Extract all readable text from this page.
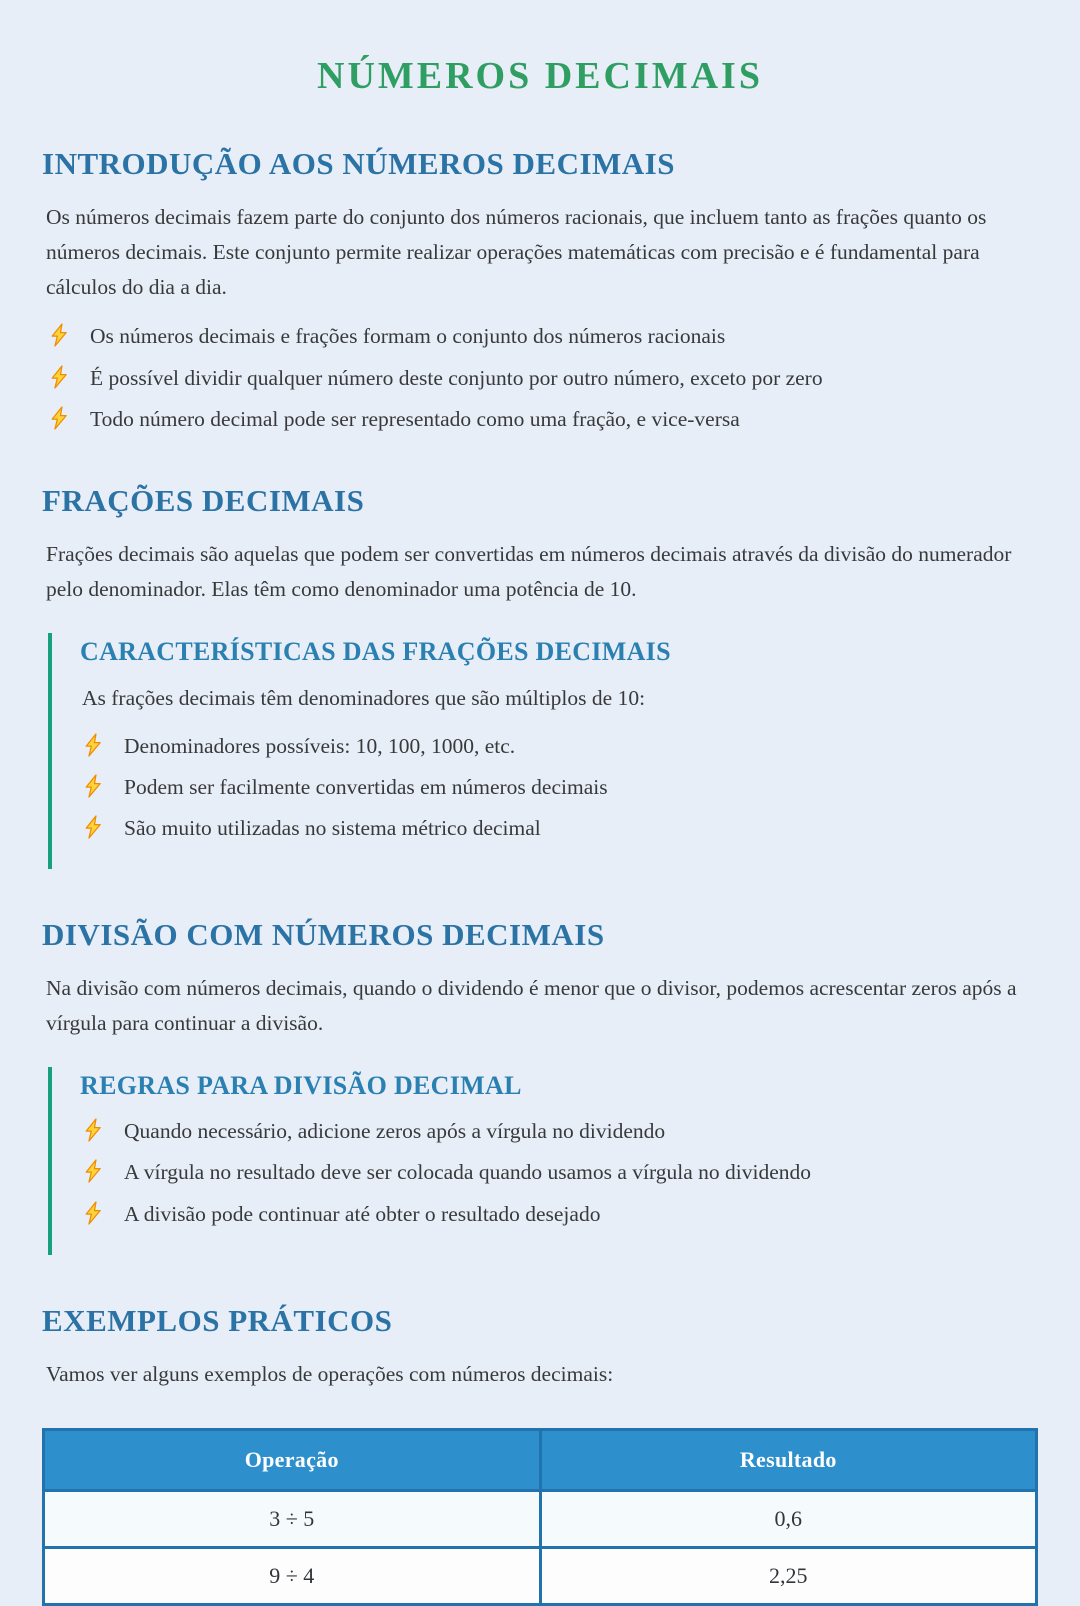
NÚMEROS DECIMAIS
INTRODUÇÃO AOS NÚMEROS DECIMAIS

Os números decimais fazem parte do conjunto dos números racionais, que incluem tanto as frações quanto os números decimais. Este conjunto permite realizar operações matemáticas com precisão e é fundamental para cálculos do dia a dia.

Os números decimais e frações formam o conjunto dos números racionais
É possível dividir qualquer número deste conjunto por outro número, exceto por zero
Todo número decimal pode ser representado como uma fração, e vice-versa
FRAÇÕES DECIMAIS

Frações decimais são aquelas que podem ser convertidas em números decimais através da divisão do numerador pelo denominador. Elas têm como denominador uma potência de 10.

CARACTERÍSTICAS DAS FRAÇÕES DECIMAIS

As frações decimais têm denominadores que são múltiplos de 10:

Denominadores possíveis: 10, 100, 1000, etc.
Podem ser facilmente convertidas em números decimais
São muito utilizadas no sistema métrico decimal
DIVISÃO COM NÚMEROS DECIMAIS

Na divisão com números decimais, quando o dividendo é menor que o divisor, podemos acrescentar zeros após a vírgula para continuar a divisão.

REGRAS PARA DIVISÃO DECIMAL
Quando necessário, adicione zeros após a vírgula no dividendo
A vírgula no resultado deve ser colocada quando usamos a vírgula no dividendo
A divisão pode continuar até obter o resultado desejado
EXEMPLOS PRÁTICOS

Vamos ver alguns exemplos de operações com números decimais:

Operação	Resultado
3 ÷ 5	0,6
9 ÷ 4	2,25
